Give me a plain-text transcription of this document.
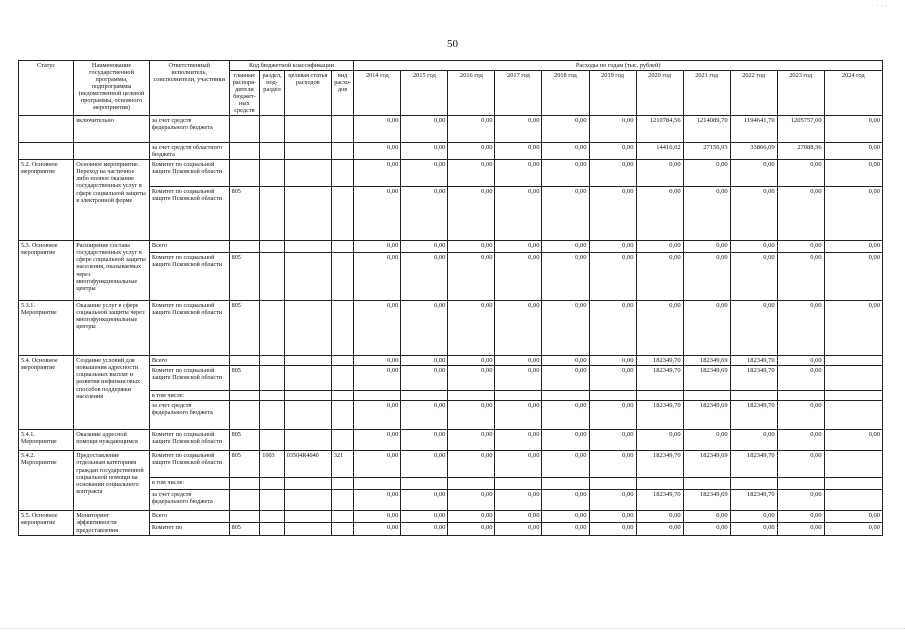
· · ·
50
Статус	Наименование государственной программы, подпрограммы (ведомственной целевой программы, основного мероприятия)	Ответственный исполнитель, соисполнители, участники	Код бюджетной классификации				Расходы по годам (тыс. рублей)										
			главные распоря-дители бюджет-ных средств	раздел, под-раздел	целевая статья расходов	вид расхо-дов	2014 год	2015 год	2016 год	2017 год	2018 год	2019 год	2020 год	2021 год	2022 год	2023 год	2024 год
	включительно	за счет средств федерального бюджета					0,00	0,00	0,00	0,00	0,00	0,00	1210784,56	1214089,70	1194641,70	1205757,00	0,00
		за счет средств областного бюджета					0,00	0,00	0,00	0,00	0,00	0,00	14416,02	27150,93	33866,09	27088,36	0,00
5.2. Основное мероприятие	Основное мероприятие. Переход на частичное либо полное оказание государственных услуг в сфере социальной защиты в электронной форме	Комитет по социальной защите Псковской области					0,00	0,00	0,00	0,00	0,00	0,00	0,00	0,00	0,00	0,00	0,00
		Комитет по социальной защите Псковской области	805				0,00	0,00	0,00	0,00	0,00	0,00	0,00	0,00	0,00	0,00	0,00
5.3. Основное мероприятие	Расширение состава государственных услуг в сфере социальной защиты населения, оказываемых через многофункциональные центры	Всего					0,00	0,00	0,00	0,00	0,00	0,00	0,00	0,00	0,00	0,00	0,00
		Комитет по социальной защите Псковской области	805				0,00	0,00	0,00	0,00	0,00	0,00	0,00	0,00	0,00	0,00	0,00
5.3.1. Мероприятие	Оказание услуг в сфере социальной защиты через многофункциональные центры	Комитет по социальной защите Псковской области	805				0,00	0,00	0,00	0,00	0,00	0,00	0,00	0,00	0,00	0,00	0,00
5.4. Основное мероприятие	Создание условий для повышения адресности социальных выплат и развития нефинансовых способов поддержки населения	Всего					0,00	0,00	0,00	0,00	0,00	0,00	182349,70	182349,69	182349,70	0,00	
		Комитет по социальной защите Псковской области	805				0,00	0,00	0,00	0,00	0,00	0,00	182349,70	182349,69	182349,70	0,00	
		в том числе:															
		за счет средств федерального бюджета					0,00	0,00	0,00	0,00	0,00	0,00	182349,70	182349,69	182349,70	0,00	
5.4.1. Мероприятие	Оказание адресной помощи нуждающимся	Комитет по социальной защите Псковской области	805				0,00	0,00	0,00	0,00	0,00	0,00	0,00	0,00	0,00	0,00	0,00
5.4.2. Мероприятие	Предоставление отдельным категориям граждан государственной социальной помощи на основании социального контракта	Комитет по социальной защите Псковской области	805	1003	03504R4040	321	0,00	0,00	0,00	0,00	0,00	0,00	182349,70	182349,69	182349,70	0,00	
		в том числе:															
		за счет средств федерального бюджета					0,00	0,00	0,00	0,00	0,00	0,00	182349,70	182349,69	182349,70	0,00	
5.5. Основное мероприятие	Мониторинг эффективности предоставления	Всего					0,00	0,00	0,00	0,00	0,00	0,00	0,00	0,00	0,00	0,00	0,00
		Комитет по	805				0,00	0,00	0,00	0,00	0,00	0,00	0,00	0,00	0,00	0,00	0,00
